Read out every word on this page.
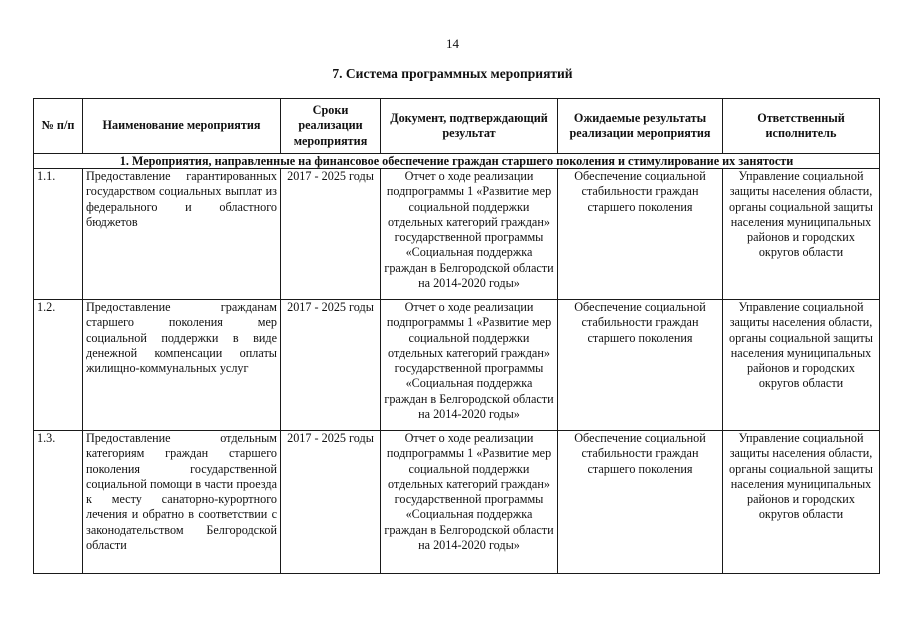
14
7. Система программных мероприятий
№ п/п	Наименование мероприятия	Сроки реализации мероприятия	Документ, подтверждающий результат	Ожидаемые результаты реализации мероприятия	Ответственный исполнитель
1. Мероприятия, направленные на финансовое обеспечение граждан старшего поколения и стимулирование их занятости					
1.1.	Предоставление гарантированных государством социальных выплат из федерального и областного бюджетов	2017 - 2025 годы	Отчет о ходе реализации подпрограммы 1 «Развитие мер социальной поддержки отдельных категорий граждан» государственной программы «Социальная поддержка граждан в Белгородской области на 2014-2020 годы»	Обеспечение социальной стабильности граждан старшего поколения	Управление социальной защиты населения области, органы социальной защиты населения муниципальных районов и городских округов области
1.2.	Предоставление гражданам старшего поколения мер социальной поддержки в виде денежной компенсации оплаты жилищно-коммунальных услуг	2017 - 2025 годы	Отчет о ходе реализации подпрограммы 1 «Развитие мер социальной поддержки отдельных категорий граждан» государственной программы «Социальная поддержка граждан в Белгородской области на 2014-2020 годы»	Обеспечение социальной стабильности граждан старшего поколения	Управление социальной защиты населения области, органы социальной защиты населения муниципальных районов и городских округов области
1.3.	Предоставление отдельным категориям граждан старшего поколения государственной социальной помощи в части проезда к месту санаторно-курортного лечения и обратно в соответствии с законодательством Белгородской области	2017 - 2025 годы	Отчет о ходе реализации подпрограммы 1 «Развитие мер социальной поддержки отдельных категорий граждан» государственной программы «Социальная поддержка граждан в Белгородской области на 2014-2020 годы»	Обеспечение социальной стабильности граждан старшего поколения	Управление социальной защиты населения области, органы социальной защиты населения муниципальных районов и городских округов области
